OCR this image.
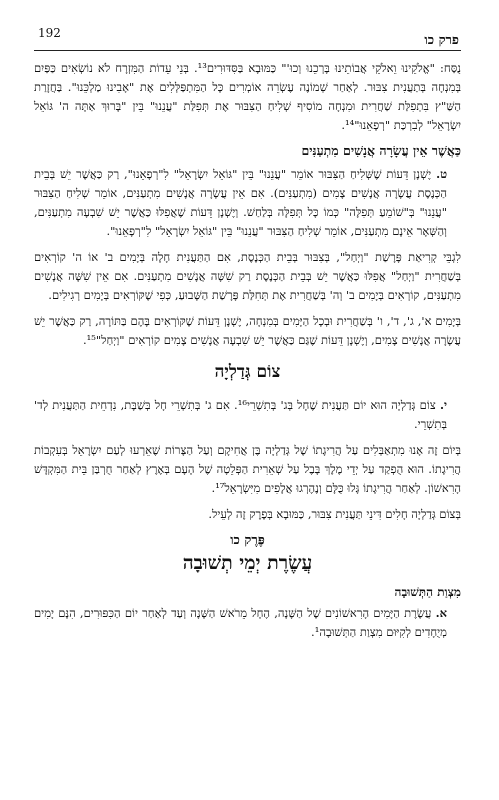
פרק כו
192

נֻסַּח: "אֱלֹקֵינוּ וֵאלֹקֵי אֲבוֹתֵינוּ בָּרְכֵנוּ וְכוּ'" כַּמּוּבָא בַּסִּדּוּרִים¹³. בְּנֵי עֵדוֹת הַמִּזְרָח לֹא נוֹשְׂאִים כַּפַּיִם בְּמִנְחָה בְּתַעֲנִית צִבּוּר. לְאַחַר שְׁמוֹנֶה עֶשְׂרֵה אוֹמְרִים כָּל הַמִּתְפַּלְּלִים אֶת "אָבִינוּ מַלְכֵּנוּ". בַּחֲזָרַת הַשַּׁ"ץ בִּתְפִלַּת שַׁחֲרִית וּמִנְחָה מוֹסִיף שְׁלִיחַ הַצִּבּוּר אֶת תְּפִלַּת "עֲנֵנוּ" בֵּין "בָּרוּךְ אַתָּה ה' גּוֹאֵל יִשְׂרָאֵל" לְבִרְכַּת "רְפָאֵנוּ"¹⁴.

כַּאֲשֶׁר אֵין עֲשָׂרָה אֲנָשִׁים מִתְעַנִּים

ט. יֶשְׁנָן דֵּעוֹת שֶׁשְּׁלִיחַ הַצִּבּוּר אוֹמֵר "עֲנֵנוּ" בֵּין "גּוֹאֵל יִשְׂרָאֵל" לִ"רְפָאֵנוּ", רַק כַּאֲשֶׁר יֵשׁ בְּבֵית הַכְּנֶסֶת עֲשָׂרָה אֲנָשִׁים צָמִים (מִתְעַנִּים). אִם אֵין עֲשָׂרָה אֲנָשִׁים מִתְעַנִּים, אוֹמֵר שְׁלִיחַ הַצִּבּוּר "עֲנֵנוּ" בְּ"שׁוֹמֵעַ תְּפִלָּה" כְּמוֹ כָּל תְּפִלָּה בְּלַחַשׁ. וְיֶשְׁנָן דֵּעוֹת שֶׁאֲפִלּוּ כַּאֲשֶׁר יֵשׁ שִׁבְעָה מִתְעַנִּים, וְהַשְּׁאָר אֵינָם מִתְעַנִּים, אוֹמֵר שְׁלִיחַ הַצִּבּוּר "עֲנֵנוּ" בֵּין "גּוֹאֵל יִשְׂרָאֵל" לִ"רְפָאֵנוּ".

לִגְבֵּי קְרִיאַת פָּרָשַׁת "וַיְחַל", בְּצִבּוּר בְּבֵית הַכְּנֶסֶת, אִם הַתַּעֲנִית חָלָה בְּיָמִים ב' אוֹ ה' קוֹרְאִים בְּשַׁחֲרִית "וַיְחַל" אֲפִלּוּ כַּאֲשֶׁר יֵשׁ בְּבֵית הַכְּנֶסֶת רַק שִׁשָּׁה אֲנָשִׁים מִתְעַנִּים. אִם אֵין שִׁשָּׁה אֲנָשִׁים מִתְעַנִּים, קוֹרְאִים בְּיָמִים ב' וְה' בְּשַׁחֲרִית אֶת תְּחִלַּת פָּרָשַׁת הַשָּׁבוּעַ, כְּפִי שֶׁקּוֹרְאִים בְּיָמִים רְגִילִים.

בְּיָמִים א', ג', ד', ו' בְּשַׁחֲרִית וּבְכָל הַיָּמִים בְּמִנְחָה, יֶשְׁנָן דֵּעוֹת שֶׁקּוֹרְאִים בָּהֶם בַּתּוֹרָה, רַק כַּאֲשֶׁר יֵשׁ עֲשָׂרָה אֲנָשִׁים צָמִים, וְיֶשְׁנָן דֵּעוֹת שֶׁגַּם כַּאֲשֶׁר יֵשׁ שִׁבְעָה אֲנָשִׁים צָמִים קוֹרְאִים "וַיְחַל"¹⁵.

צוֹם גְּדַלְיָה

י. צוֹם גְּדַלְיָה הוּא יוֹם תַּעֲנִית שֶׁחָל בְּג' בְּתִשְׁרֵי¹⁶. אִם ג' בְּתִשְׁרֵי חָל בְּשַׁבָּת, נִדְחֵית הַתַּעֲנִית לְד' בְּתִשְׁרֵי.

בְּיוֹם זֶה אָנוּ מִתְאַבְּלִים עַל הֲרִיגָתוֹ שֶׁל גְּדַלְיָה בֶּן אֲחִיקָם וְעַל הַצָּרוֹת שֶׁאֵרְעוּ לְעַם יִשְׂרָאֵל בְּעִקְבוֹת הֲרִיגָתוֹ. הוּא הֻפְקַד עַל יְדֵי מֶלֶךְ בָּבֶל עַל שְׁאֵרִית הַפְּלֵטָה שֶׁל הָעָם בְּאֶרֶץ לְאַחַר חֻרְבַּן בֵּית הַמִּקְדָּשׁ הָרִאשׁוֹן. לְאַחַר הֲרִיגָתוֹ גָּלוּ כֻּלָּם וְנֶהֶרְגוּ אֲלָפִים מִיִּשְׂרָאֵל¹⁷.

בְּצוֹם גְּדַלְיָה חָלִים דִּינֵי תַּעֲנִית צִבּוּר, כַּמּוּבָא בְּפֶרֶק זֶה לְעֵיל.

פֶּרֶק כו
עֲשֶׂרֶת יְמֵי תְשׁוּבָה
מִצְוַת הַתְּשׁוּבָה

א. עֲשֶׂרֶת הַיָּמִים הָרִאשׁוֹנִים שֶׁל הַשָּׁנָה, הֶחָל מֵרֹאשׁ הַשָּׁנָה וְעַד לְאַחַר יוֹם הַכִּפּוּרִים, הִנָּם יָמִים מְיֻחָדִים לְקִיּוּם מִצְוַת הַתְּשׁוּבָה¹.
